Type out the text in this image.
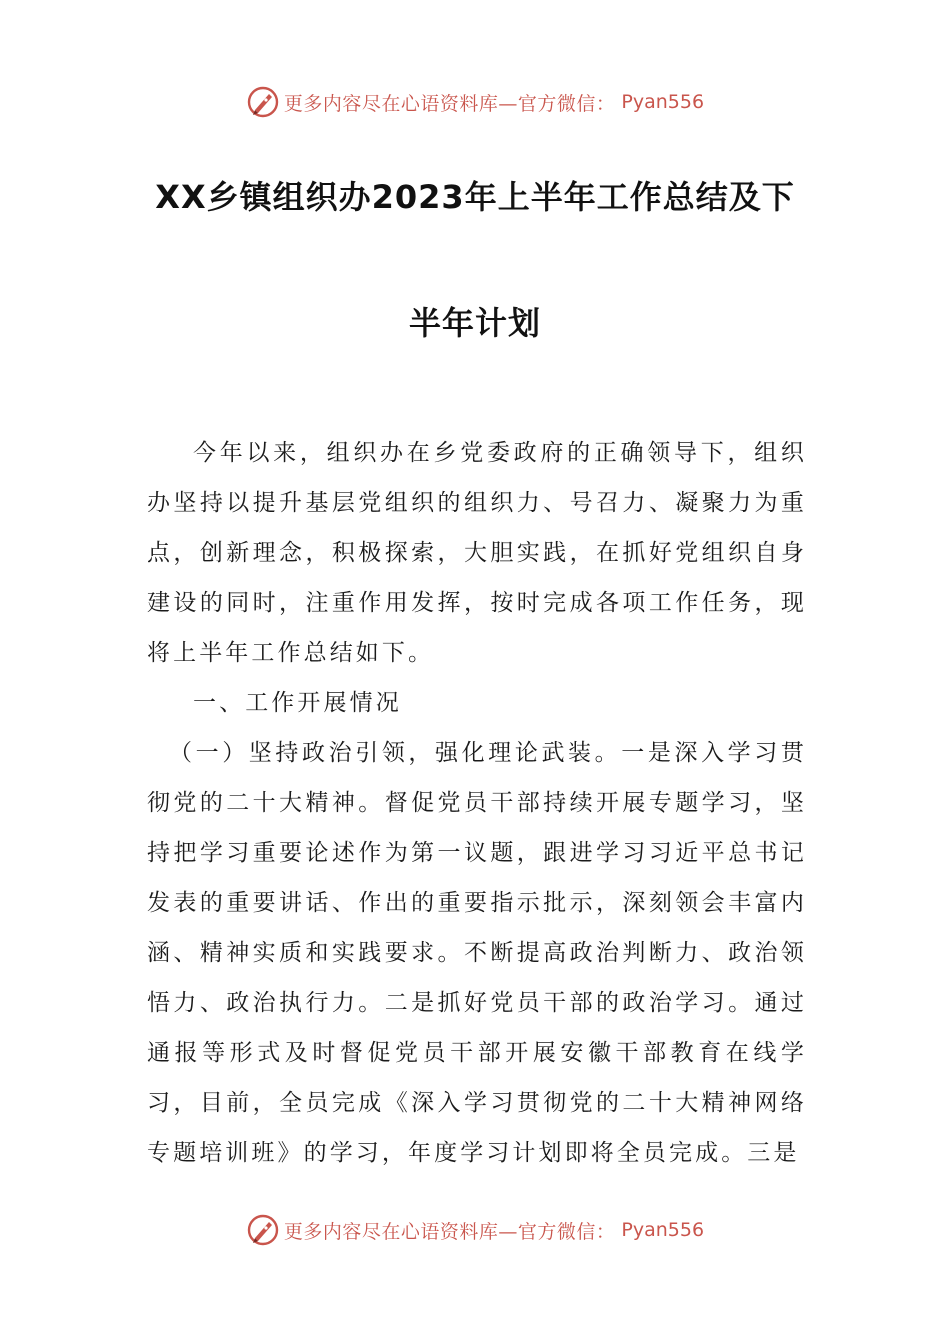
更多内容尽在心语资料库—官方微信： Pyan556
XX乡镇组织办2023年上半年工作总结及下
半年计划

今年以来，组织办在乡党委政府的正确领导下，组织办坚持以提升基层党组织的组织力、号召力、凝聚力为重点，创新理念，积极探索，大胆实践，在抓好党组织自身建设的同时，注重作用发挥，按时完成各项工作任务，现将上半年工作总结如下。

一、工作开展情况

（一）坚持政治引领，强化理论武装。一是深入学习贯彻党的二十大精神。督促党员干部持续开展专题学习，坚持把学习重要论述作为第一议题，跟进学习习近平总书记发表的重要讲话、作出的重要指示批示，深刻领会丰富内涵、精神实质和实践要求。不断提高政治判断力、政治领悟力、政治执行力。二是抓好党员干部的政治学习。通过通报等形式及时督促党员干部开展安徽干部教育在线学习，目前，全员完成《深入学习贯彻党的二十大精神网络专题培训班》的学习，年度学习计划即将全员完成。三是

更多内容尽在心语资料库—官方微信： Pyan556
